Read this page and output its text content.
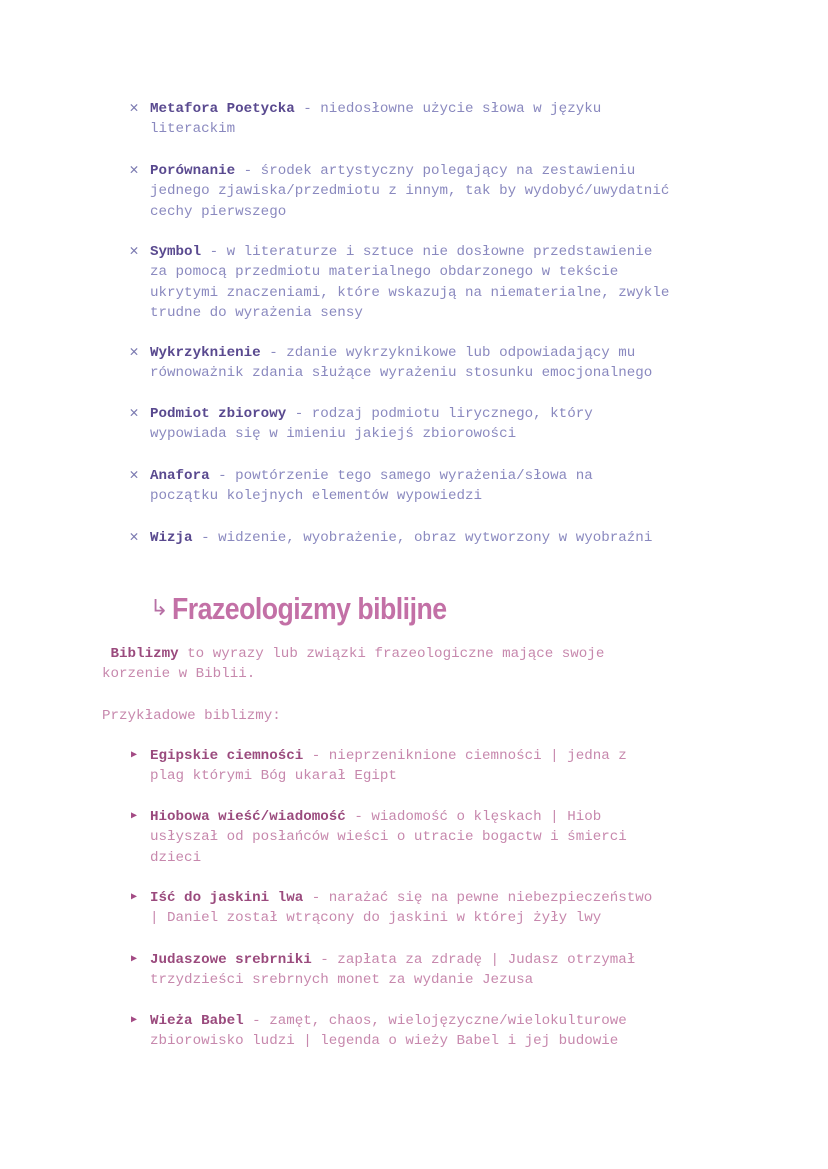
✕ Metafora Poetycka - niedosłowne użycie słowa w języku
literackim
✕ Porównanie - środek artystyczny polegający na zestawieniu
jednego zjawiska/przedmiotu z innym, tak by wydobyć/uwydatnić
cechy pierwszego
✕ Symbol - w literaturze i sztuce nie dosłowne przedstawienie
za pomocą przedmiotu materialnego obdarzonego w tekście
ukrytymi znaczeniami, które wskazują na niematerialne, zwykle
trudne do wyrażenia sensy
✕ Wykrzyknienie - zdanie wykrzyknikowe lub odpowiadający mu
równoważnik zdania służące wyrażeniu stosunku emocjonalnego
✕ Podmiot zbiorowy - rodzaj podmiotu lirycznego, który
wypowiada się w imieniu jakiejś zbiorowości
✕ Anafora - powtórzenie tego samego wyrażenia/słowa na
początku kolejnych elementów wypowiedzi
✕ Wizja - widzenie, wyobrażenie, obraz wytworzony w wyobraźni
↳ Frazeologizmy biblijne
Biblizmy to wyrazy lub związki frazeologiczne mające swoje
korzenie w Biblii.
Przykładowe biblizmy:
▶ Egipskie ciemności - nieprzeniknione ciemności | jedna z
plag którymi Bóg ukarał Egipt
▶ Hiobowa wieść/wiadomość - wiadomość o klęskach | Hiob
usłyszał od posłańców wieści o utracie bogactw i śmierci
dzieci
▶ Iść do jaskini lwa - narażać się na pewne niebezpieczeństwo
| Daniel został wtrącony do jaskini w której żyły lwy
▶ Judaszowe srebrniki - zapłata za zdradę | Judasz otrzymał
trzydzieści srebrnych monet za wydanie Jezusa
▶ Wieża Babel - zamęt, chaos, wielojęzyczne/wielokulturowe
zbiorowisko ludzi | legenda o wieży Babel i jej budowie
